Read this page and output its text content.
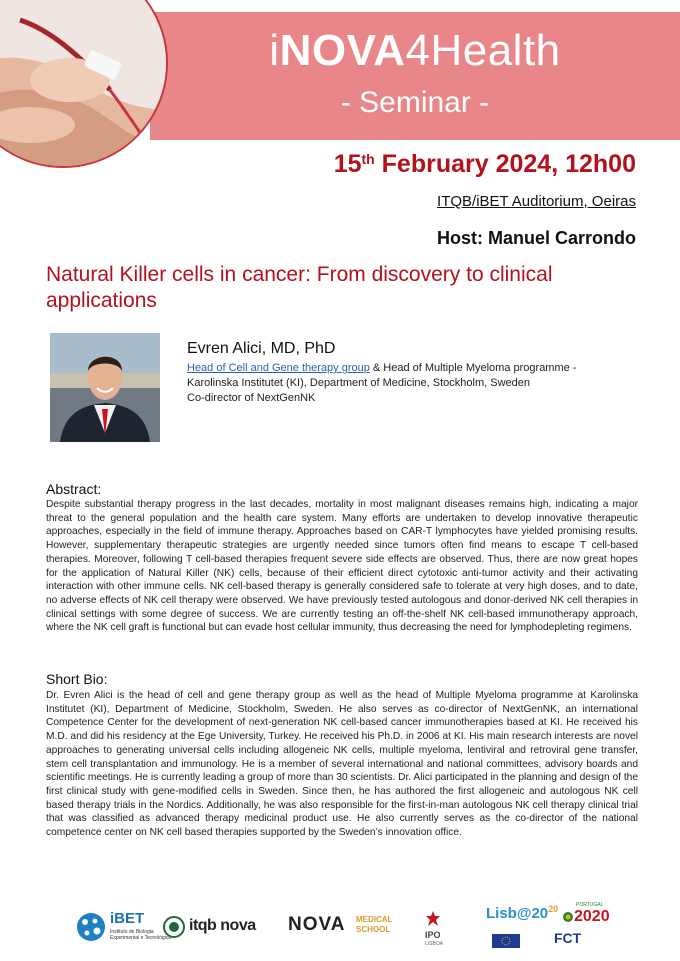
iNOVA4Health
- Seminar -
15th February 2024, 12h00
ITQB/iBET Auditorium, Oeiras
Host: Manuel Carrondo
Natural Killer cells in cancer: From discovery to clinical applications
Evren Alici, MD, PhD
Head of Cell and Gene therapy group & Head of Multiple Myeloma programme -
Karolinska Institutet (KI), Department of Medicine, Stockholm, Sweden
Co-director of NextGenNK
Abstract:
Despite substantial therapy progress in the last decades, mortality in most malignant diseases remains high, indicating a major threat to the general population and the health care system. Many efforts are undertaken to develop innovative therapeutic approaches, especially in the field of immune therapy. Approaches based on CAR-T lymphocytes have yielded promising results. However, supplementary therapeutic strategies are urgently needed since tumors often find means to escape T cell-based therapies. Moreover, following T cell-based therapies frequent severe side effects are observed. Thus, there are now great hopes for the application of Natural Killer (NK) cells, because of their efficient direct cytotoxic anti-tumor activity and their activating interaction with other immune cells. NK cell-based therapy is generally considered safe to tolerate at very high doses, and to date, no adverse effects of NK cell therapy were observed. We have previously tested autologous and donor-derived NK cell therapies in clinical settings with some degree of success. We are currently testing an off-the-shelf NK cell-based immunotherapy approach, where the NK cell graft is functional but can evade host cellular immunity, thus decreasing the need for lymphodepleting regimens.
Short Bio:
Dr. Evren Alici is the head of cell and gene therapy group as well as the head of Multiple Myeloma programme at Karolinska Institutet (KI), Department of Medicine, Stockholm, Sweden. He also serves as co-director of NextGenNK, an international Competence Center for the development of next-generation NK cell-based cancer immunotherapies based at KI. He received his M.D. and did his residency at the Ege University, Turkey. He received his Ph.D. in 2006 at KI. His main research interests are novel approaches to generating universal cells including allogeneic NK cells, multiple myeloma, lentiviral and retroviral gene transfer, stem cell transplantation and immunology. He is a member of several international and national committees, advisory boards and scientific meetings. He is currently leading a group of more than 30 scientists. Dr. Alici participated in the planning and design of the first clinical study with gene-modified cells in Sweden. Since then, he has authored the first allogeneic and autologous NK cell based therapy trials in the Nordics. Additionally, he was also responsible for the first-in-man autologous NK cell therapy clinical trial that was classified as advanced therapy medicinal product use. He also currently serves as the co-director of the national competence center on NK cell based therapies supported by the Sweden’s innovation office.
iBET
Instituto de Biologia
Experimental e Tecnológica
itqb nova NOVA MEDICAL
SCHOOL
IPO
LISBOA
$Lisb@20^{20}$	PORTUGAL
2020
FCT
